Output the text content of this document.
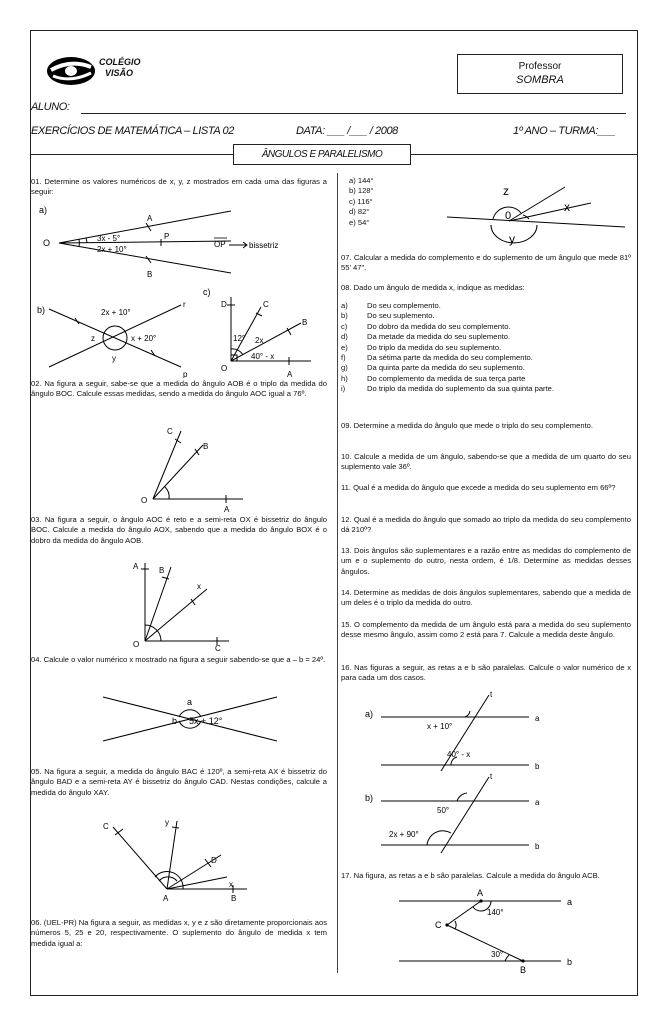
COLÉGIO
VISÃO
Professor
SOMBRA
ALUNO:
EXERCÍCIOS DE MATEMÁTICA – LISTA 02	DATA: ___ /___ / 2008	1º ANO – TURMA:___
ÂNGULOS E PARALELISMO
01. Determine os valores numéricos de x, y, z mostrados em cada uma das figuras a seguir:
a)
O
A
P
B
3x - 5°
2x + 10°
OP	bissetriz
b)
r
p
2x + 10°
x + 20°
z
y
c)
D	C
B
O
A
12° 2x
40° - x
02. Na figura a seguir, sabe-se que a medida do ângulo AOB é o triplo da medida do ângulo BOC. Calcule essas medidas, sendo a medida do ângulo AOC igual a 76º.
C
B
O
A
03. Na figura a seguir, o ângulo AOC é reto e a semi-reta OX é bissetriz do ângulo BOC. Calcule a medida do ângulo AOX, sabendo que a medida do ângulo BOX é o dobro da medida do ângulo AOB.
A	B
x
O	C
04. Calcule o valor numérico x mostrado na figura a seguir sabendo-se que a – b = 24º.
a
b 5x + 12°
05. Na figura a seguir, a medida do ângulo BAC é 120º, a semi-reta AX é bissetriz do ângulo BAD e a semi-reta AY é bissetriz do ângulo CAD. Nestas condições, calcule a medida do ângulo XAY.
C	y
D
x
A	B
06. (UEL-PR) Na figura a seguir, as medidas x, y e z são diretamente proporcionais aos números 5, 25 e 20, respectivamente. O suplemento do ângulo de medida x tem medida igual a:
a) 144°
b) 128°
c) 116°
d) 82°
e) 54°
z
x
0
y
07. Calcular a medida do complemento e do suplemento de um ângulo que mede 81º 55' 47".
08. Dado um ângulo de medida x, indique as medidas:
a)	Do seu complemento.
b)	Do seu suplemento.
c)	Do dobro da medida do seu complemento.
d)	Da metade da medida do seu suplemento.
e)	Do triplo da medida do seu suplemento.
f)	Da sétima parte da medida do seu complemento.
g)	Da quinta parte da medida do seu suplemento.
h)	Do complemento da medida de sua terça parte
i)	Do triplo da medida do suplemento da sua quinta parte.
09. Determine a medida do ângulo que mede o triplo do seu complemento.
10. Calcule a medida de um ângulo, sabendo-se que a medida de um quarto do seu suplemento vale 36º.
11. Qual é a medida do ângulo que excede a medida do seu suplemento em 66º?
12. Qual é a medida do ângulo que somado ao triplo da medida do seu complemento dá 210º?
13. Dois ângulos são suplementares e a razão entre as medidas do complemento de um e o suplemento do outro, nesta ordem, é 1/8. Determine as medidas desses ângulos.
14. Determine as medidas de dois ângulos suplementares, sabendo que a medida de um deles é o triplo da medida do outro.
15. O complemento da medida de um ângulo está para a medida do seu suplemento desse mesmo ângulo, assim como 2 está para 7. Calcule a medida deste ângulo.
16. Nas figuras a seguir, as retas a e b são paralelas. Calcule o valor numérico de x para cada um dos casos.
a)
t
a
b
x + 10°
40° - x
b)
t
a
b
50°
2x + 90°
17. Na figura, as retas a e b são paralelas. Calcule a medida do ângulo ACB.
A
C
B
a
b
140°
30°
